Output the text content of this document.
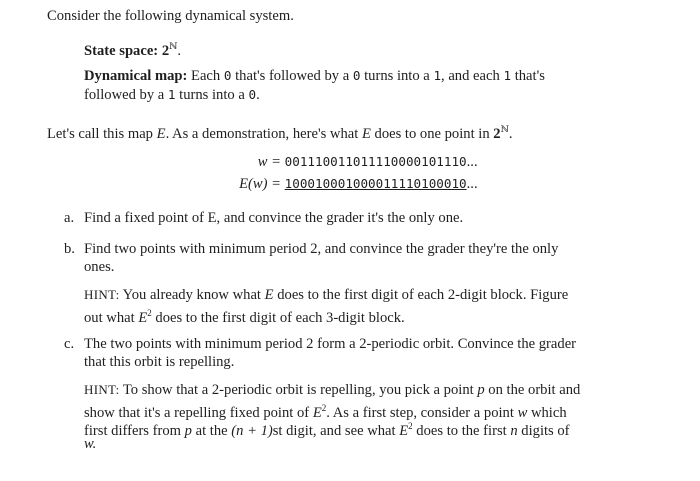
Consider the following dynamical system.
State space: $2^ℕ$.
Dynamical map: Each 0 that's followed by a 0 turns into a 1, and each 1 that's
followed by a 1 turns into a 0.
Let's call this map E. As a demonstration, here's what E does to one point in $2^ℕ$.
w = 001110011011110000101110...
E(w) = 100010001000011110100010...
a. Find a fixed point of E, and convince the grader it's the only one.
b. Find two points with minimum period 2, and convince the grader they're the only
ones.
HINT: You already know what E does to the first digit of each 2-digit block. Figure
out what $E^2$ does to the first digit of each 3-digit block.
c. The two points with minimum period 2 form a 2-periodic orbit. Convince the grader
that this orbit is repelling.
HINT: To show that a 2-periodic orbit is repelling, you pick a point p on the orbit and
show that it's a repelling fixed point of $E^2$. As a first step, consider a point w which
first differs from p at the (n + 1)st digit, and see what $E^2$ does to the first n digits of
w.
